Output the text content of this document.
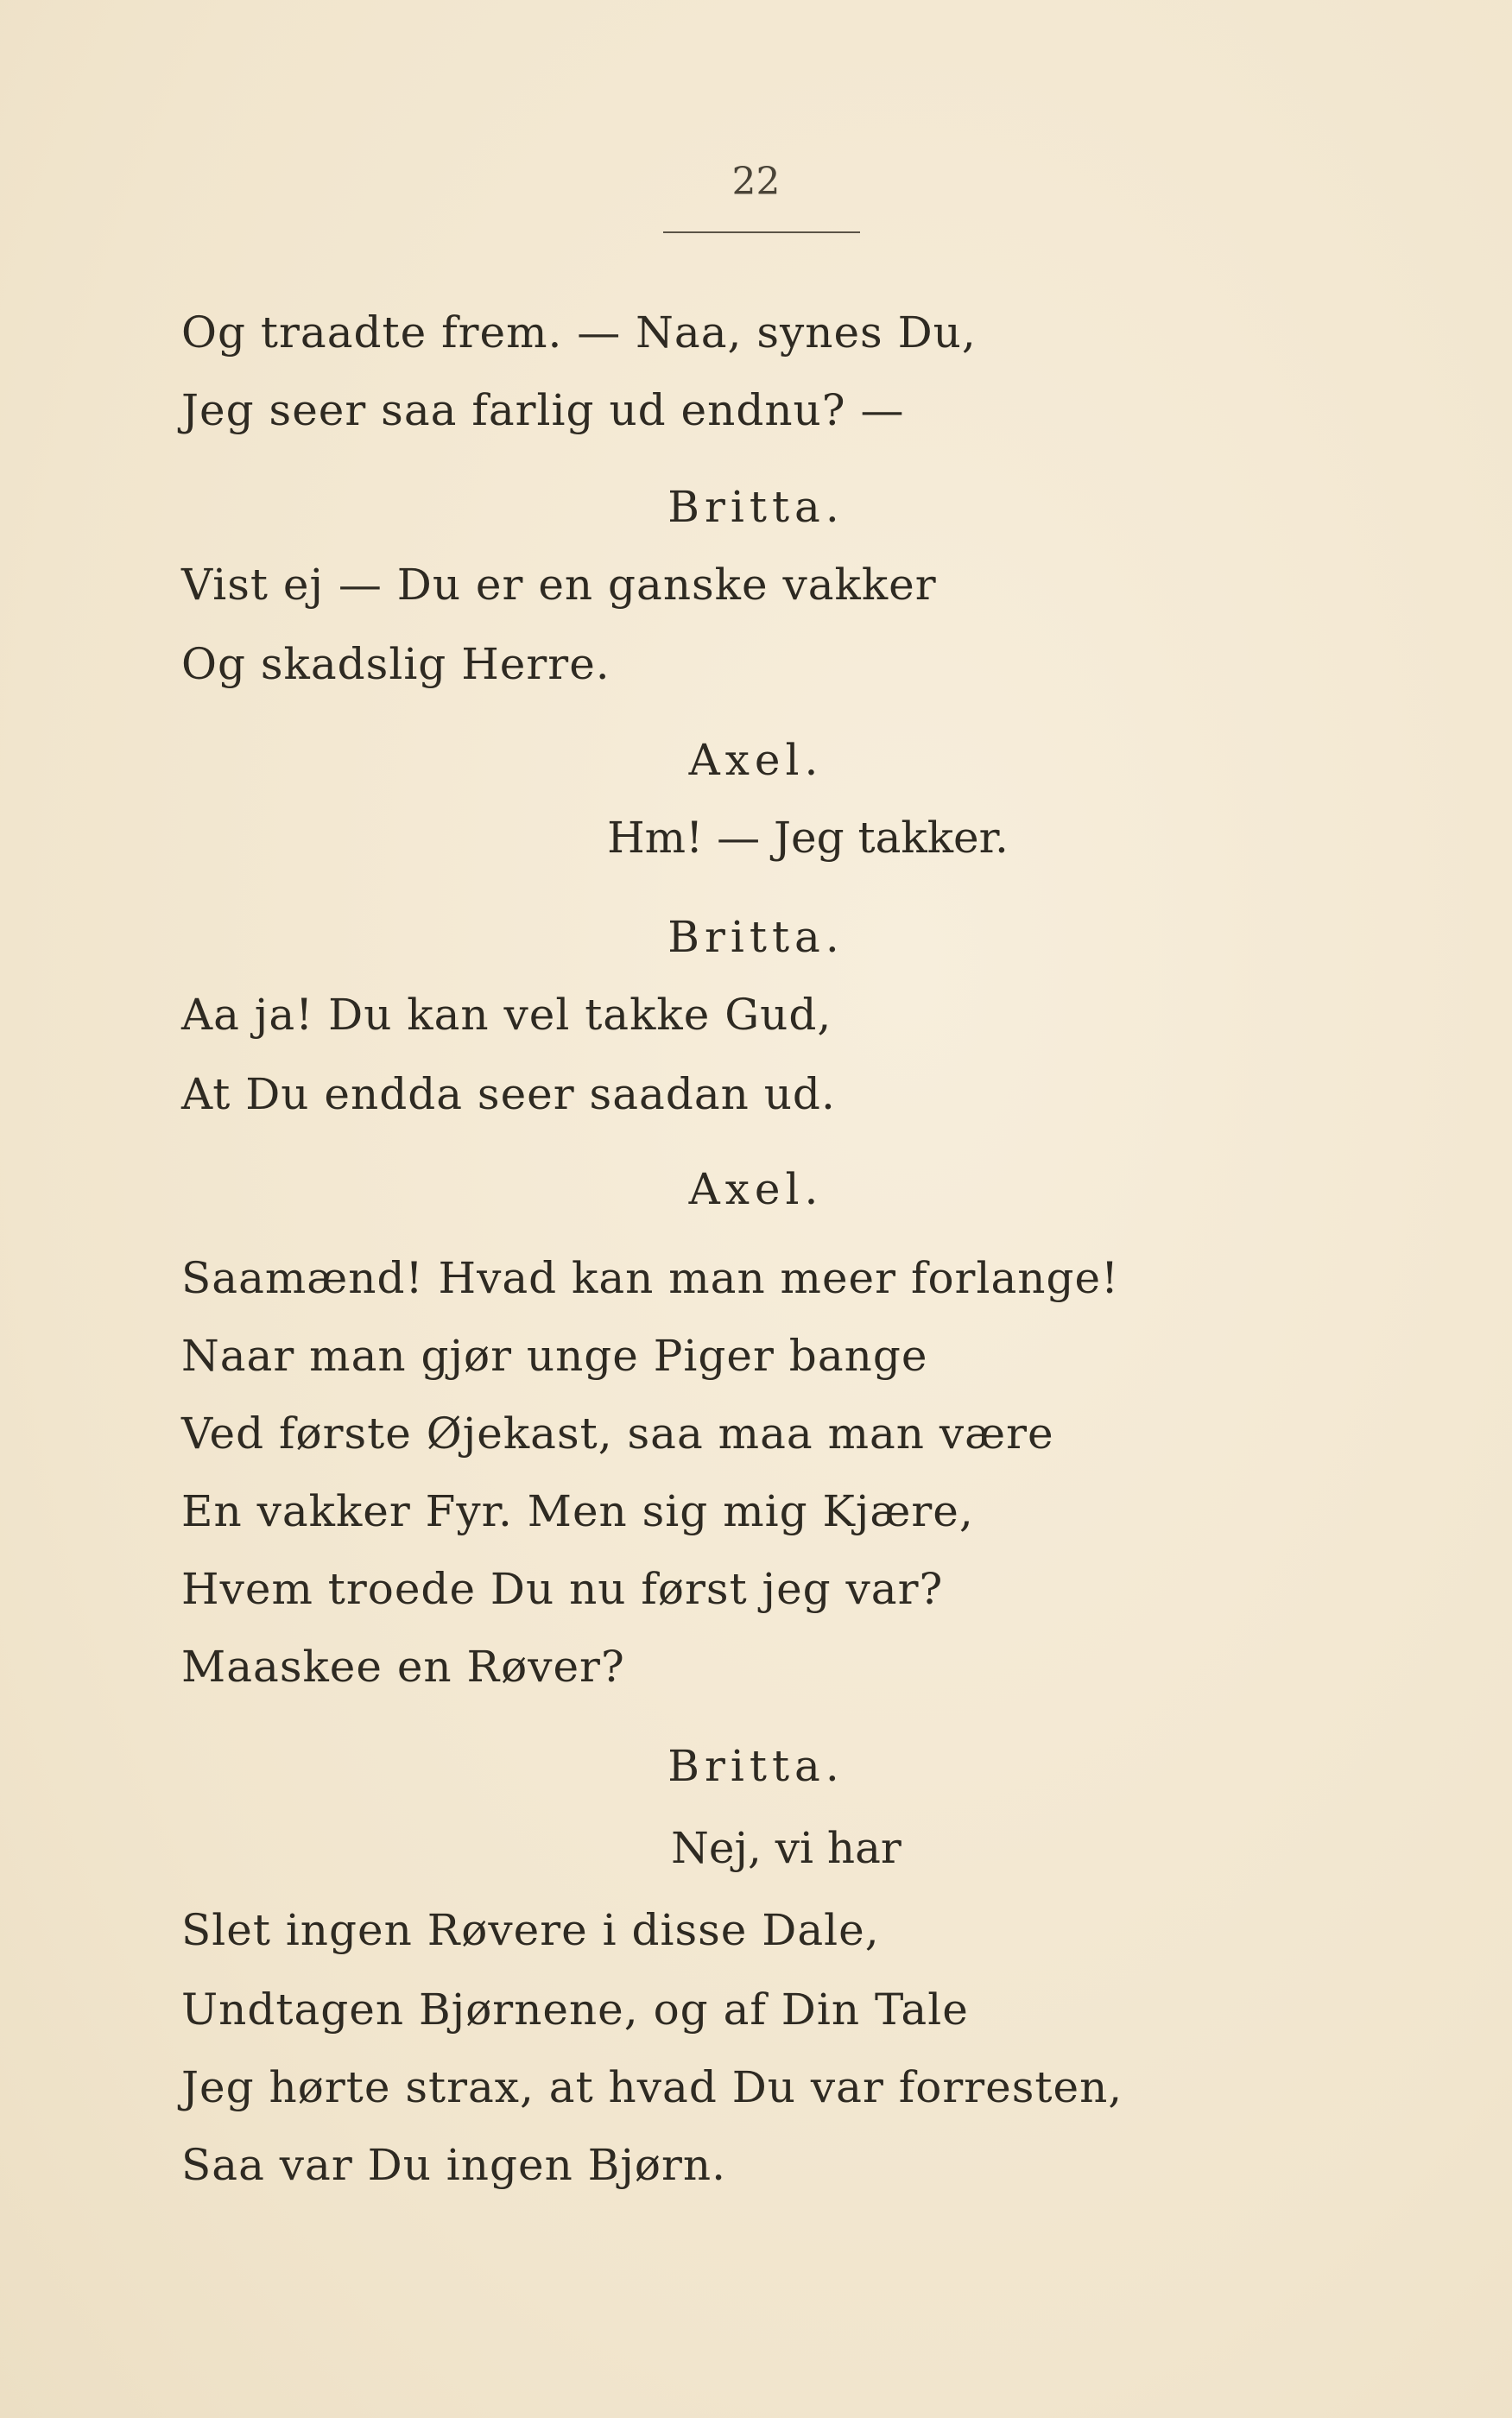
22
Og traadte frem. — Naa, synes Du,
Jeg seer saa farlig ud endnu? —
Britta.
Vist ej — Du er en ganske vakker
Og skadslig Herre.
Axel.
Hm! — Jeg takker.
Britta.
Aa ja! Du kan vel takke Gud,
At Du endda seer saadan ud.
Axel.
Saamænd! Hvad kan man meer forlange!
Naar man gjør unge Piger bange
Ved første Øjekast, saa maa man være
En vakker Fyr. Men sig mig Kjære,
Hvem troede Du nu først jeg var?
Maaskee en Røver?
Britta.
Nej, vi har
Slet ingen Røvere i disse Dale,
Undtagen Bjørnene, og af Din Tale
Jeg hørte strax, at hvad Du var forresten,
Saa var Du ingen Bjørn.
